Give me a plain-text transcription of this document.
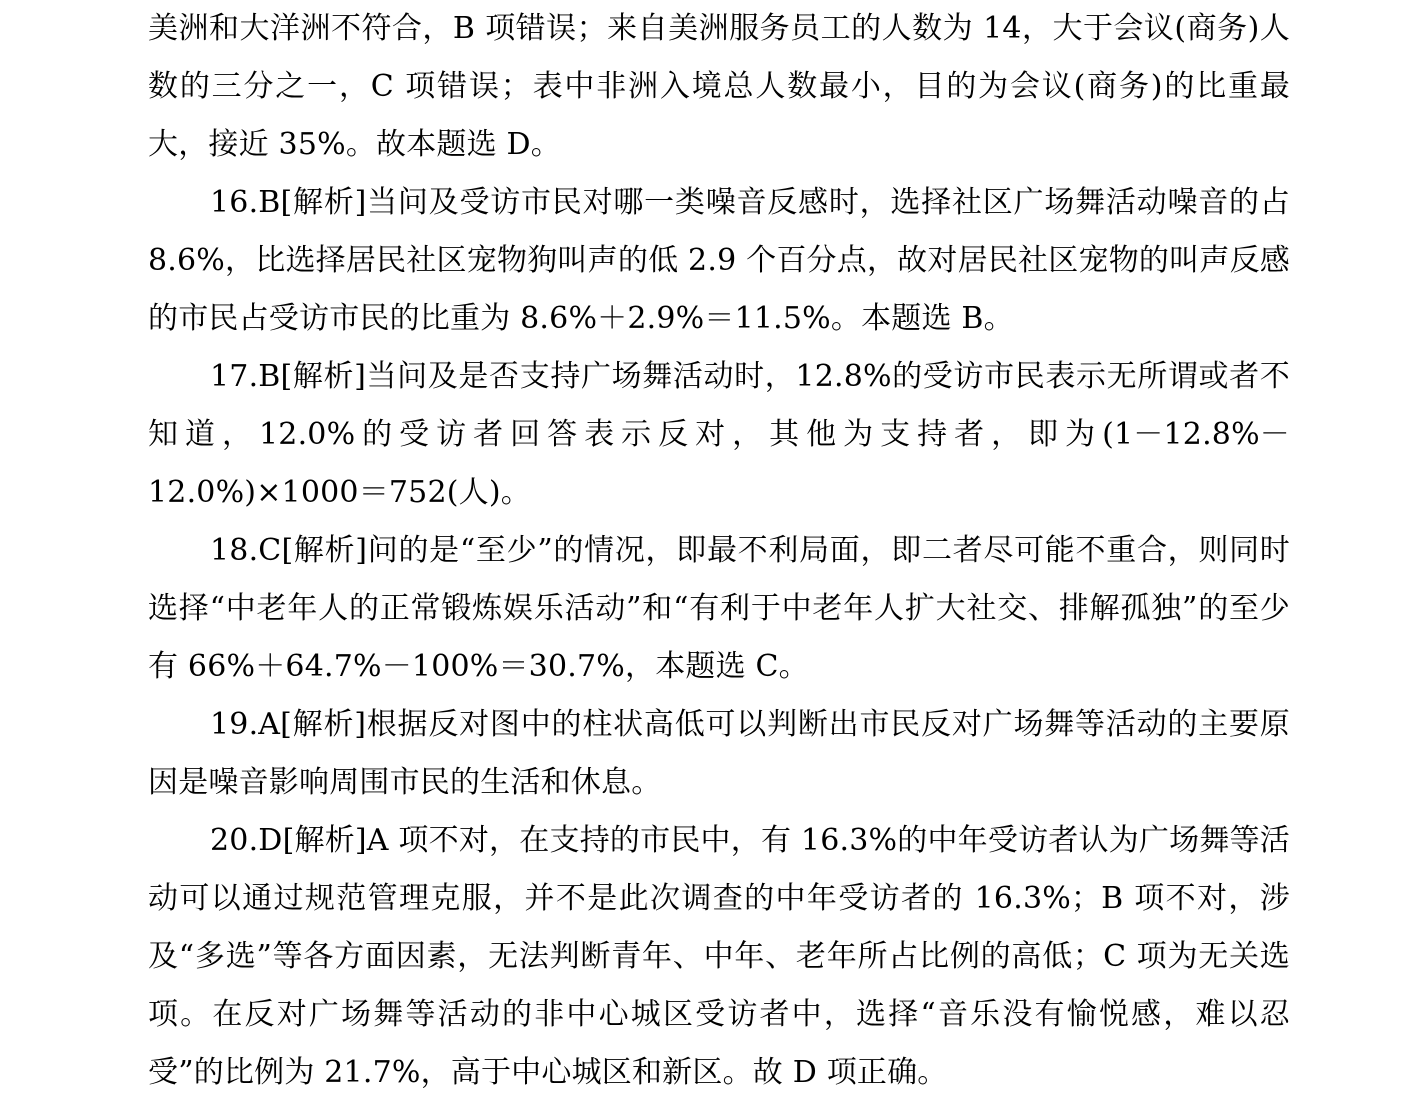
美洲和大洋洲不符合，B 项错误；来自美洲服务员工的人数为 14，大于会议(商务)人数的三分之一，C 项错误；表中非洲入境总人数最小，目的为会议(商务)的比重最大，接近 35%。故本题选 D。

16.B[解析]当问及受访市民对哪一类噪音反感时，选择社区广场舞活动噪音的占 8.6%，比选择居民社区宠物狗叫声的低 2.9 个百分点，故对居民社区宠物的叫声反感的市民占受访市民的比重为 8.6%＋2.9%＝11.5%。本题选 B。

17.B[解析]当问及是否支持广场舞活动时，12.8%的受访市民表示无所谓或者不知道，12.0%的受访者回答表示反对，其他为支持者，即为(1－12.8%－12.0%)×1000＝752(人)。

18.C[解析]问的是“至少”的情况，即最不利局面，即二者尽可能不重合，则同时选择“中老年人的正常锻炼娱乐活动”和“有利于中老年人扩大社交、排解孤独”的至少有 66%＋64.7%－100%＝30.7%，本题选 C。

19.A[解析]根据反对图中的柱状高低可以判断出市民反对广场舞等活动的主要原因是噪音影响周围市民的生活和休息。

20.D[解析]A 项不对，在支持的市民中，有 16.3%的中年受访者认为广场舞等活动可以通过规范管理克服，并不是此次调查的中年受访者的 16.3%；B 项不对，涉及“多选”等各方面因素，无法判断青年、中年、老年所占比例的高低；C 项为无关选项。在反对广场舞等活动的非中心城区受访者中，选择“音乐没有愉悦感，难以忍受”的比例为 21.7%，高于中心城区和新区。故 D 项正确。
